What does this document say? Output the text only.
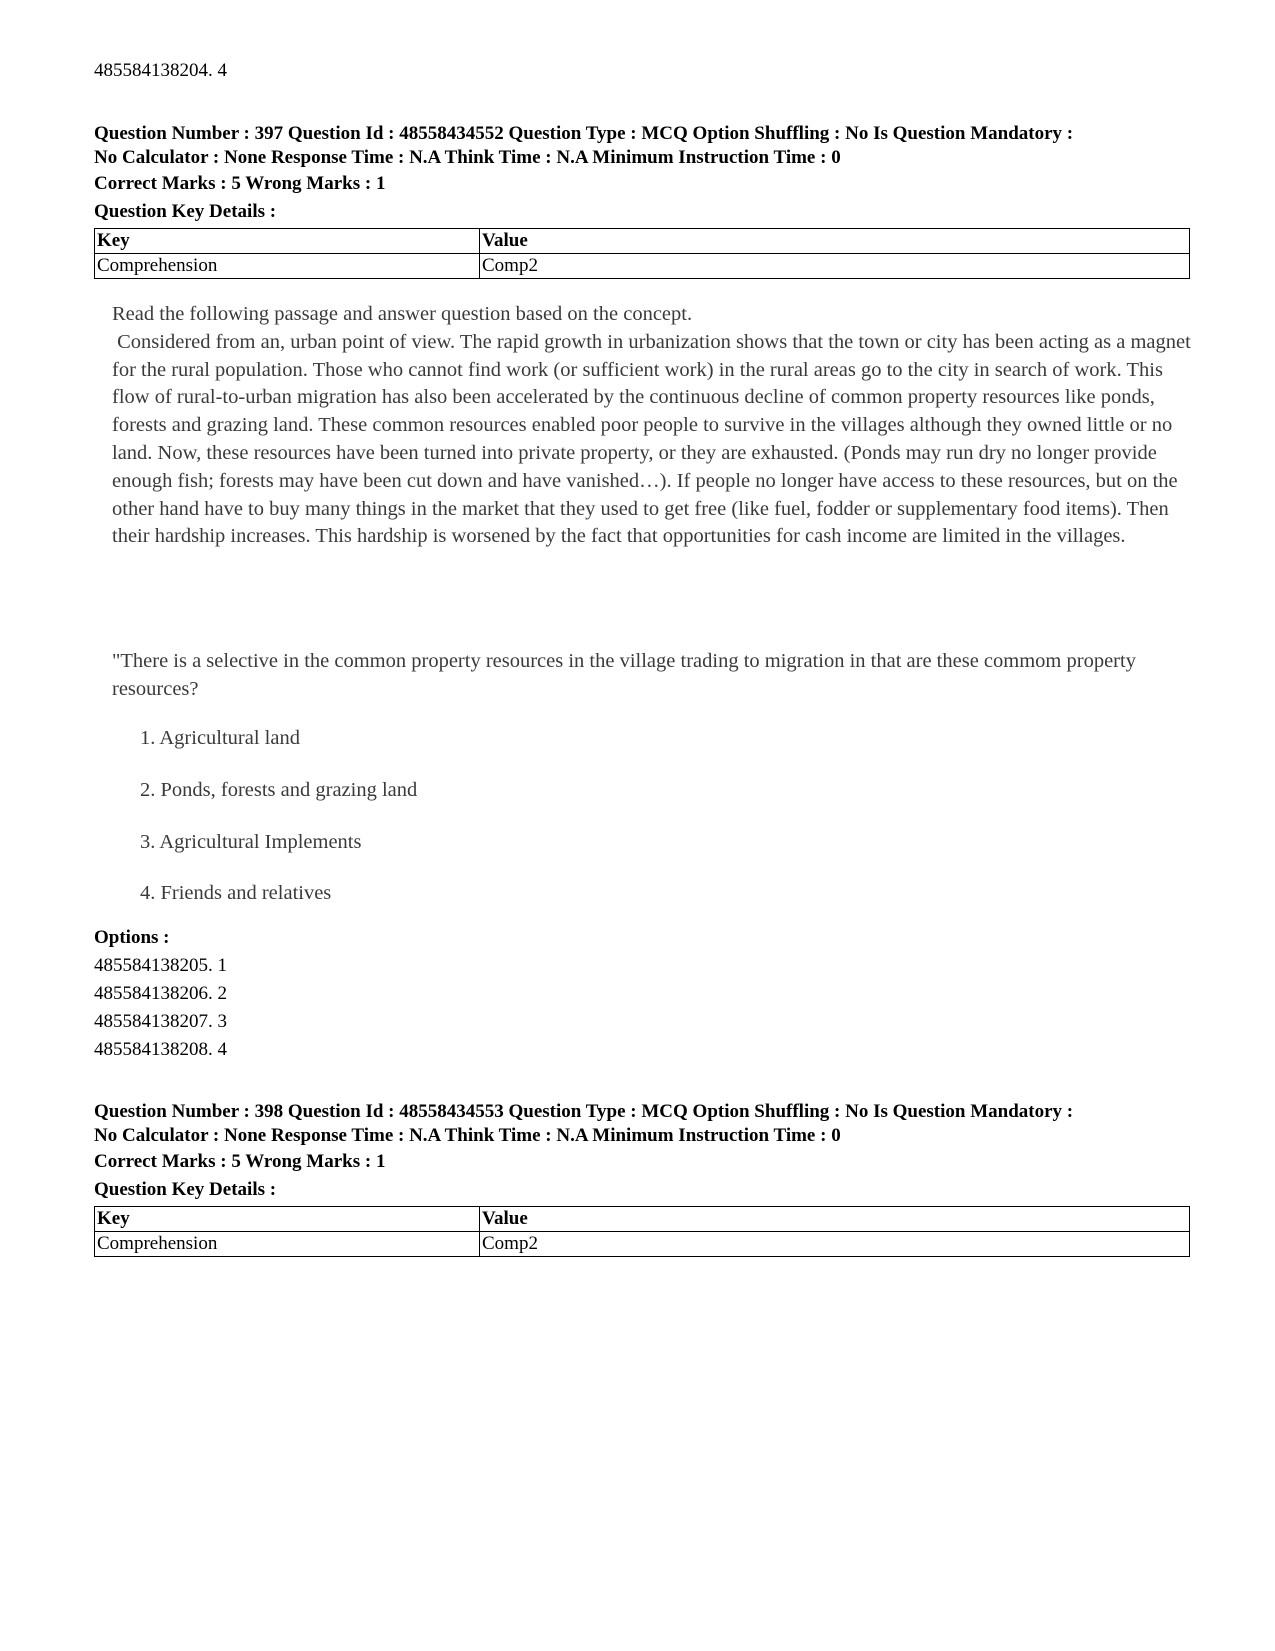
485584138204. 4
Question Number : 397 Question Id : 48558434552 Question Type : MCQ Option Shuffling : No Is Question Mandatory :
No Calculator : None Response Time : N.A Think Time : N.A Minimum Instruction Time : 0
Correct Marks : 5 Wrong Marks : 1
Question Key Details :
Key	Value
Comprehension	Comp2

Read the following passage and answer question based on the concept.

Considered from an, urban point of view. The rapid growth in urbanization shows that the town or city has been acting as a magnet for the rural population. Those who cannot find work (or sufficient work) in the rural areas go to the city in search of work. This flow of rural-to-urban migration has also been accelerated by the continuous decline of common property resources like ponds, forests and grazing land. These common resources enabled poor people to survive in the villages although they owned little or no land. Now, these resources have been turned into private property, or they are exhausted. (Ponds may run dry no longer provide enough fish; forests may have been cut down and have vanished…). If people no longer have access to these resources, but on the other hand have to buy many things in the market that they used to get free (like fuel, fodder or supplementary food items). Then their hardship increases. This hardship is worsened by the fact that opportunities for cash income are limited in the villages.

"There is a selective in the common property resources in the village trading to migration in that are these commom property resources?

1. Agricultural land
2. Ponds, forests and grazing land
3. Agricultural Implements
4. Friends and relatives
Options :
485584138205. 1
485584138206. 2
485584138207. 3
485584138208. 4
Question Number : 398 Question Id : 48558434553 Question Type : MCQ Option Shuffling : No Is Question Mandatory :
No Calculator : None Response Time : N.A Think Time : N.A Minimum Instruction Time : 0
Correct Marks : 5 Wrong Marks : 1
Question Key Details :
Key	Value
Comprehension	Comp2
